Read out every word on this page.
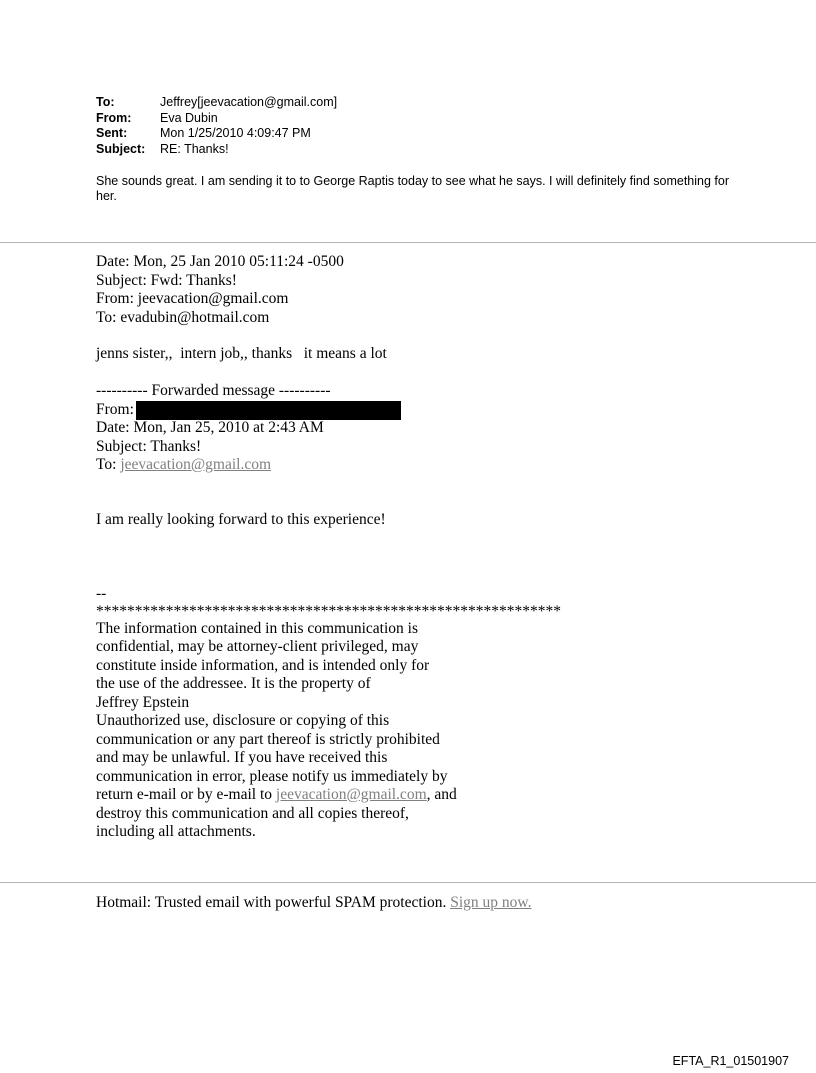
To:	Jeffrey[jeevacation@gmail.com]
From:	Eva Dubin
Sent:	Mon 1/25/2010 4:09:47 PM
Subject:	RE: Thanks!
She sounds great. I am sending it to to George Raptis today to see what he says. I will definitely find something for her.
Date: Mon, 25 Jan 2010 05:11:24 -0500
Subject: Fwd: Thanks!
From: jeevacation@gmail.com
To: evadubin@hotmail.com
jenns sister,,  intern job,, thanks   it means a lot
---------- Forwarded message ----------
From:
Date: Mon, Jan 25, 2010 at 2:43 AM
Subject: Thanks!
To: jeevacation@gmail.com
I am really looking forward to this experience!
--
************************************************************
The information contained in this communication is
confidential, may be attorney-client privileged, may
constitute inside information, and is intended only for
the use of the addressee. It is the property of
Jeffrey Epstein
Unauthorized use, disclosure or copying of this
communication or any part thereof is strictly prohibited
and may be unlawful. If you have received this
communication in error, please notify us immediately by
return e-mail or by e-mail to jeevacation@gmail.com, and
destroy this communication and all copies thereof,
including all attachments.
Hotmail: Trusted email with powerful SPAM protection. Sign up now.
EFTA_R1_01501907
